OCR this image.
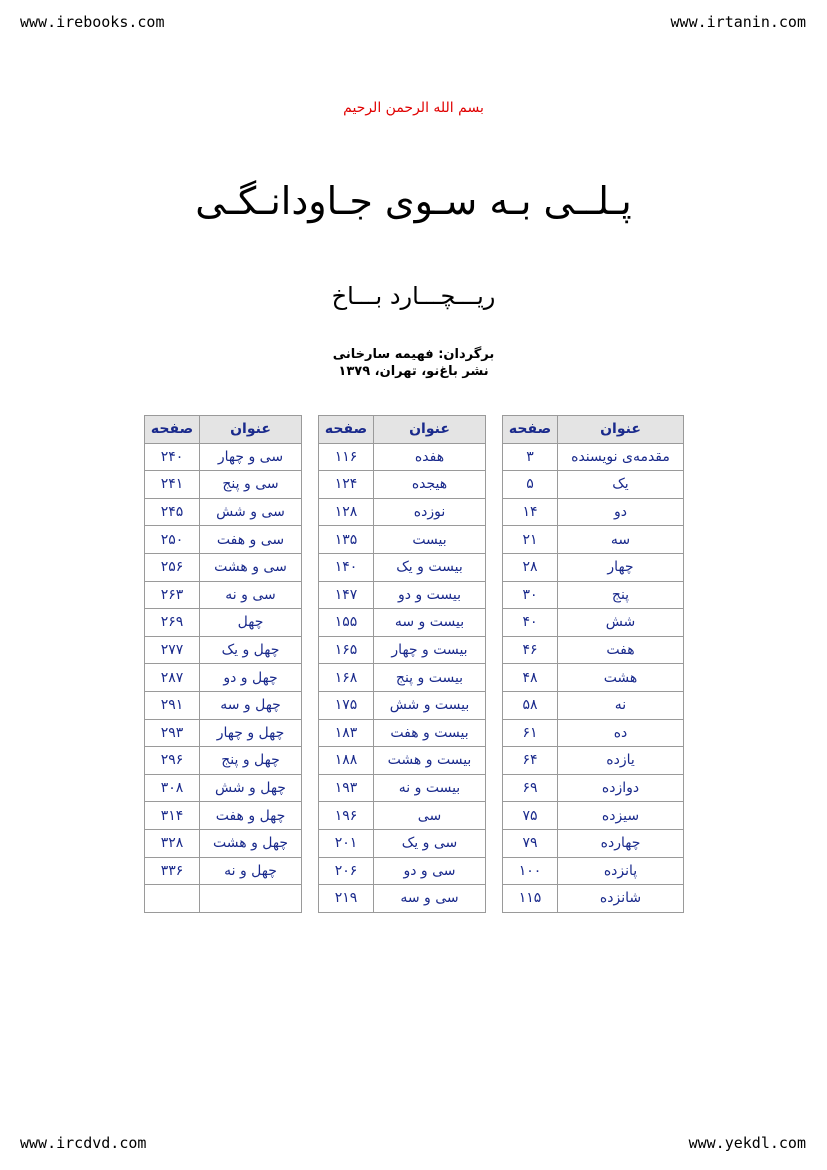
www.irebooks.com	www.irtanin.com
www.ircdvd.com	www.yekdl.com
بسم الله الرحمن الرحیم
پـلــی بـه سـوی جـاودانـگـی
ریـــچـــارد بـــاخ
برگردان: فهیمه سارخانی
نشر باغ‌نو، تهران، ۱۳۷۹
عنوان	صفحه
مقدمه‌ی نویسنده	۳
یک	۵
دو	۱۴
سه	۲۱
چهار	۲۸
پنج	۳۰
شش	۴۰
هفت	۴۶
هشت	۴۸
نه	۵۸
ده	۶۱
یازده	۶۴
دوازده	۶۹
سیزده	۷۵
چهارده	۷۹
پانزده	۱۰۰
شانزده	۱۱۵
عنوان	صفحه
هفده	۱۱۶
هیجده	۱۲۴
نوزده	۱۲۸
بیست	۱۳۵
بیست و یک	۱۴۰
بیست و دو	۱۴۷
بیست و سه	۱۵۵
بیست و چهار	۱۶۵
بیست و پنج	۱۶۸
بیست و شش	۱۷۵
بیست و هفت	۱۸۳
بیست و هشت	۱۸۸
بیست و نه	۱۹۳
سی	۱۹۶
سی و یک	۲۰۱
سی و دو	۲۰۶
سی و سه	۲۱۹
عنوان	صفحه
سی و چهار	۲۴۰
سی و پنج	۲۴۱
سی و شش	۲۴۵
سی و هفت	۲۵۰
سی و هشت	۲۵۶
سی و نه	۲۶۳
چهل	۲۶۹
چهل و یک	۲۷۷
چهل و دو	۲۸۷
چهل و سه	۲۹۱
چهل و چهار	۲۹۳
چهل و پنج	۲۹۶
چهل و شش	۳۰۸
چهل و هفت	۳۱۴
چهل و هشت	۳۲۸
چهل و نه	۳۳۶
